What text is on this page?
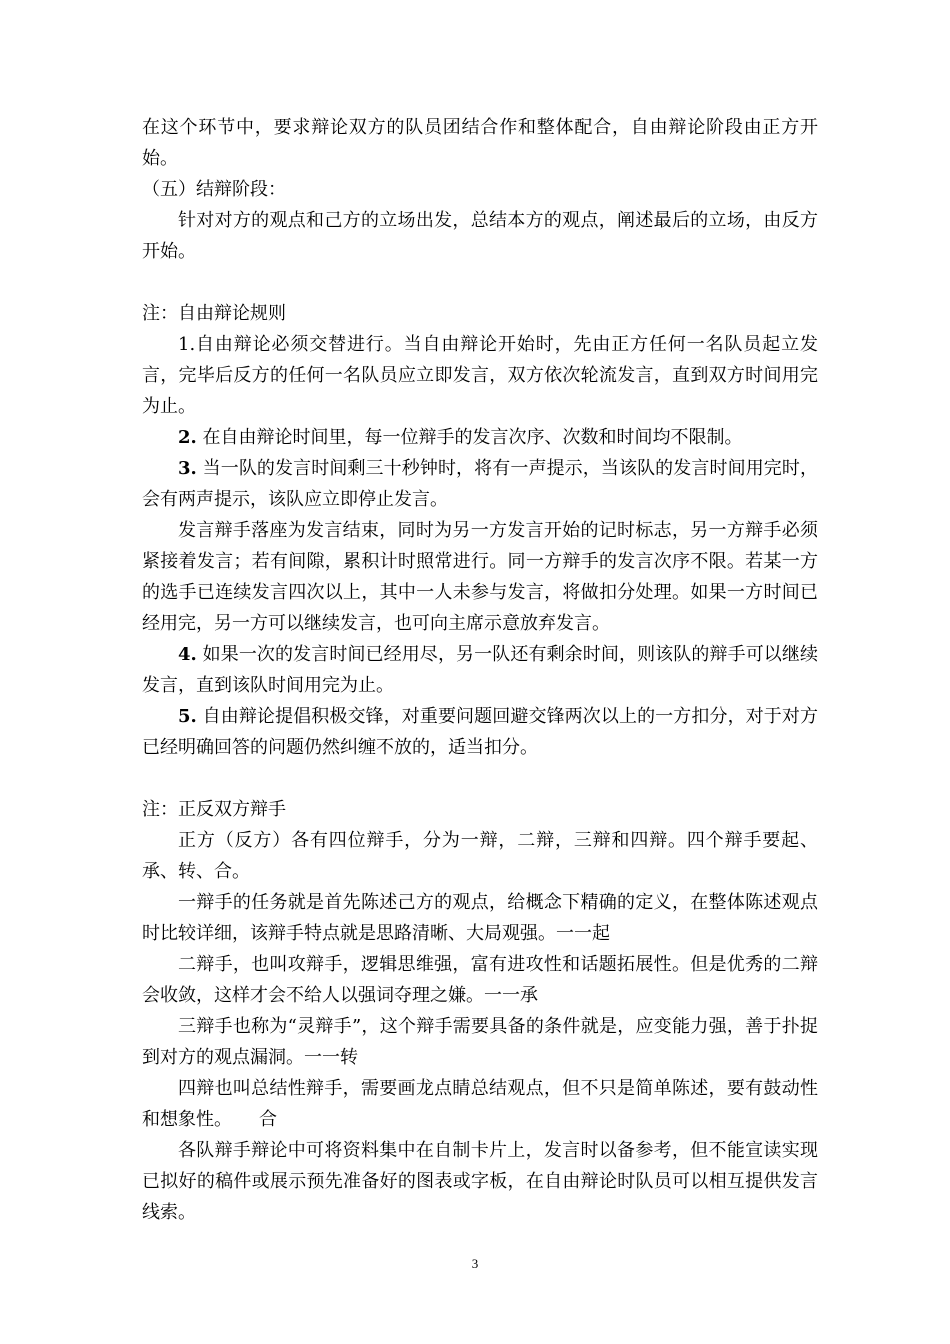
在这个环节中，要求辩论双方的队员团结合作和整体配合，自由辩论阶段由正方开始。

（五）结辩阶段：

针对对方的观点和己方的立场出发，总结本方的观点，阐述最后的立场，由反方开始。

注：自由辩论规则

1.自由辩论必须交替进行。当自由辩论开始时，先由正方任何一名队员起立发言，完毕后反方的任何一名队员应立即发言，双方依次轮流发言，直到双方时间用完为止。

2. 在自由辩论时间里，每一位辩手的发言次序、次数和时间均不限制。

3. 当一队的发言时间剩三十秒钟时，将有一声提示，当该队的发言时间用完时，会有两声提示，该队应立即停止发言。

发言辩手落座为发言结束，同时为另一方发言开始的记时标志，另一方辩手必须紧接着发言；若有间隙，累积计时照常进行。同一方辩手的发言次序不限。若某一方的选手已连续发言四次以上，其中一人未参与发言，将做扣分处理。如果一方时间已经用完，另一方可以继续发言，也可向主席示意放弃发言。

4. 如果一次的发言时间已经用尽，另一队还有剩余时间，则该队的辩手可以继续发言，直到该队时间用完为止。

5. 自由辩论提倡积极交锋，对重要问题回避交锋两次以上的一方扣分，对于对方已经明确回答的问题仍然纠缠不放的，适当扣分。

注：正反双方辩手

正方（反方）各有四位辩手，分为一辩，二辩，三辩和四辩。四个辩手要起、承、转、合。

一辩手的任务就是首先陈述己方的观点，给概念下精确的定义，在整体陈述观点时比较详细，该辩手特点就是思路清晰、大局观强。一一起

二辩手，也叫攻辩手，逻辑思维强，富有进攻性和话题拓展性。但是优秀的二辩会收敛，这样才会不给人以强词夺理之嫌。一一承

三辩手也称为“灵辩手”，这个辩手需要具备的条件就是，应变能力强，善于扑捉到对方的观点漏洞。一一转

四辩也叫总结性辩手，需要画龙点睛总结观点，但不只是简单陈述，要有鼓动性和想象性。　　合

各队辩手辩论中可将资料集中在自制卡片上，发言时以备参考，但不能宣读实现已拟好的稿件或展示预先准备好的图表或字板，在自由辩论时队员可以相互提供发言线索。

3
